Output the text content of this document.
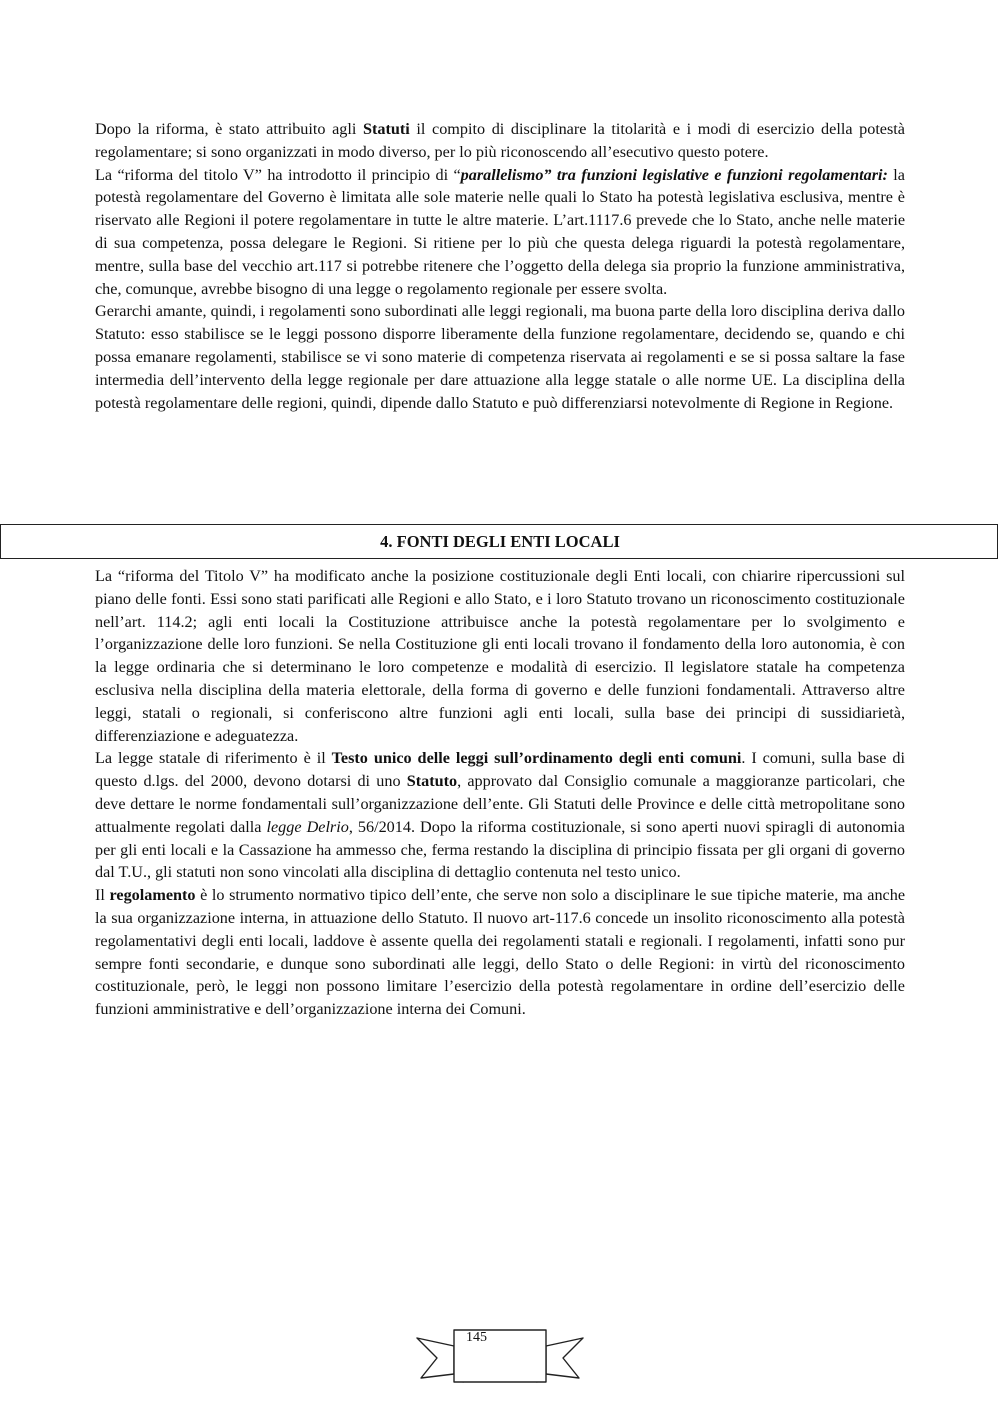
Dopo la riforma, è stato attribuito agli Statuti il compito di disciplinare la titolarità e i modi di esercizio della potestà regolamentare; si sono organizzati in modo diverso, per lo più riconoscendo all’esecutivo questo potere.

La “riforma del titolo V” ha introdotto il principio di “parallelismo” tra funzioni legislative e funzioni regolamentari: la potestà regolamentare del Governo è limitata alle sole materie nelle quali lo Stato ha potestà legislativa esclusiva, mentre è riservato alle Regioni il potere regolamentare in tutte le altre materie. L’art.1117.6 prevede che lo Stato, anche nelle materie di sua competenza, possa delegare le Regioni. Si ritiene per lo più che questa delega riguardi la potestà regolamentare, mentre, sulla base del vecchio art.117 si potrebbe ritenere che l’oggetto della delega sia proprio la funzione amministrativa, che, comunque, avrebbe bisogno di una legge o regolamento regionale per essere svolta.

Gerarchi amante, quindi, i regolamenti sono subordinati alle leggi regionali, ma buona parte della loro disciplina deriva dallo Statuto: esso stabilisce se le leggi possono disporre liberamente della funzione regolamentare, decidendo se, quando e chi possa emanare regolamenti, stabilisce se vi sono materie di competenza riservata ai regolamenti e se si possa saltare la fase intermedia dell’intervento della legge regionale per dare attuazione alla legge statale o alle norme UE. La disciplina della potestà regolamentare delle regioni, quindi, dipende dallo Statuto e può differenziarsi notevolmente di Regione in Regione.

4. FONTI DEGLI ENTI LOCALI

La “riforma del Titolo V” ha modificato anche la posizione costituzionale degli Enti locali, con chiarire ripercussioni sul piano delle fonti. Essi sono stati parificati alle Regioni e allo Stato, e i loro Statuto trovano un riconoscimento costituzionale nell’art. 114.2; agli enti locali la Costituzione attribuisce anche la potestà regolamentare per lo svolgimento e l’organizzazione delle loro funzioni. Se nella Costituzione gli enti locali trovano il fondamento della loro autonomia, è con la legge ordinaria che si determinano le loro competenze e modalità di esercizio. Il legislatore statale ha competenza esclusiva nella disciplina della materia elettorale, della forma di governo e delle funzioni fondamentali. Attraverso altre leggi, statali o regionali, si conferiscono altre funzioni agli enti locali, sulla base dei principi di sussidiarietà, differenziazione e adeguatezza.

La legge statale di riferimento è il Testo unico delle leggi sull’ordinamento degli enti comuni. I comuni, sulla base di questo d.lgs. del 2000, devono dotarsi di uno Statuto, approvato dal Consiglio comunale a maggioranze particolari, che deve dettare le norme fondamentali sull’organizzazione dell’ente. Gli Statuti delle Province e delle città metropolitane sono attualmente regolati dalla legge Delrio, 56/2014. Dopo la riforma costituzionale, si sono aperti nuovi spiragli di autonomia per gli enti locali e la Cassazione ha ammesso che, ferma restando la disciplina di principio fissata per gli organi di governo dal T.U., gli statuti non sono vincolati alla disciplina di dettaglio contenuta nel testo unico.

Il regolamento è lo strumento normativo tipico dell’ente, che serve non solo a disciplinare le sue tipiche materie, ma anche la sua organizzazione interna, in attuazione dello Statuto. Il nuovo art-117.6 concede un insolito riconoscimento alla potestà regolamentativi degli enti locali, laddove è assente quella dei regolamenti statali e regionali. I regolamenti, infatti sono pur sempre fonti secondarie, e dunque sono subordinati alle leggi, dello Stato o delle Regioni: in virtù del riconoscimento costituzionale, però, le leggi non possono limitare l’esercizio della potestà regolamentare in ordine dell’esercizio delle funzioni amministrative e dell’organizzazione interna dei Comuni.

145
